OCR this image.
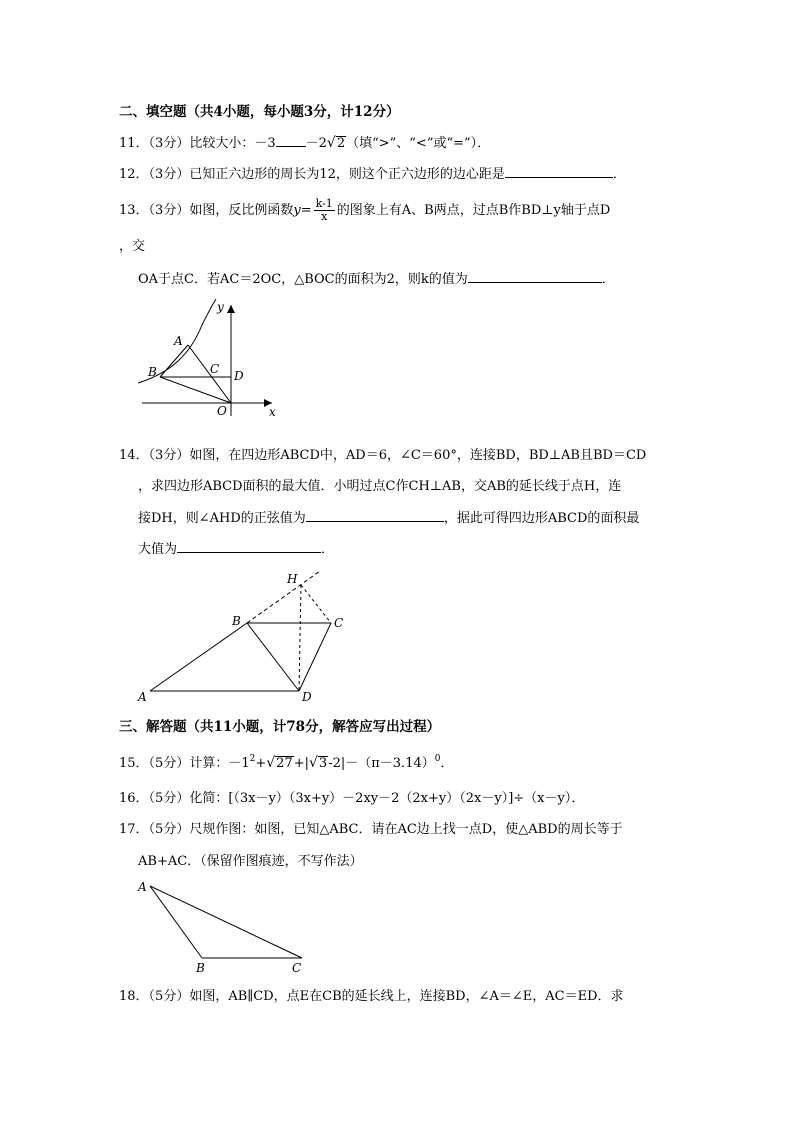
二、填空题（共4小题，每小题3分，计12分）
11．（3分）比较大小：－3 －2√2（填“>”、“<”或“=”）．
12．（3分）已知正六边形的周长为12，则这个正六边形的边心距是	．
13．（3分）如图，反比例函数$y= \frac{k-1}{x}$ 的图象上有A、B两点，过点B作BD⊥y轴于点D
，交
OA于点C．若AC＝2OC，△BOC的面积为2，则k的值为	．
A
B	C D
O	x
y
14．（3分）如图，在四边形ABCD中，AD＝6，∠C＝60°，连接BD，BD⊥AB且BD＝CD
，求四边形ABCD面积的最大值．小明过点C作CH⊥AB，交AB的延长线于点H，连
接DH，则∠AHD的正弦值为	，据此可得四边形ABCD的面积最
大值为	．
A
B	C
D
H
三、解答题（共11小题，计78分，解答应写出过程）
15．（5分）计算：$-1^2+√27+|√3-2|-(\pi-3.14)^0$．
16．（5分）化简：[（3x－y）（3x+y）－2xy－2（2x+y）（2x－y）]÷（x－y）．
17．（5分）尺规作图：如图，已知△ABC．请在AC边上找一点D，使△ABD的周长等于
AB+AC．（保留作图痕迹，不写作法）
A
B	C
18．（5分）如图，AB∥CD，点E在CB的延长线上，连接BD，∠A＝∠E，AC＝ED．求
